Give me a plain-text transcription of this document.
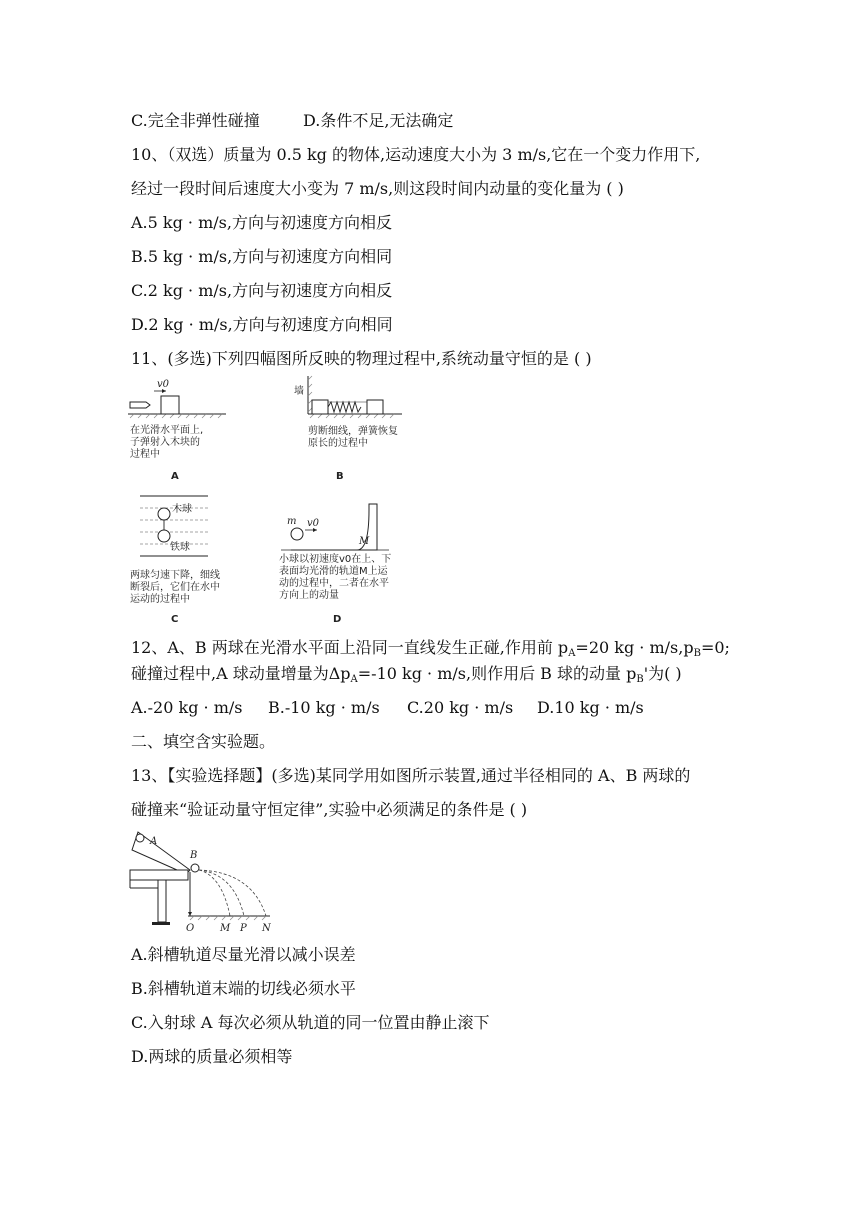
C.完全非弹性碰撞	D.条件不足,无法确定
10、（双选）质量为 0.5 kg 的物体,运动速度大小为 3 m/s,它在一个变力作用下,
经过一段时间后速度大小变为 7 m/s,则这段时间内动量的变化量为 ( )
A.5 kg · m/s,方向与初速度方向相反
B.5 kg · m/s,方向与初速度方向相同
C.2 kg · m/s,方向与初速度方向相反
D.2 kg · m/s,方向与初速度方向相同
11、(多选)下列四幅图所反映的物理过程中,系统动量守恒的是 ( )
v0
在光滑水平面上,
子弹射入木块的
过程中
A
墙
剪断细线，弹簧恢复
原长的过程中
B
木球
铁球
两球匀速下降，细线
断裂后，它们在水中
运动的过程中
C
m v0
M
小球以初速度v0在上、下
表面均光滑的轨道M上运
动的过程中，二者在水平
方向上的动量
D
12、A、B 两球在光滑水平面上沿同一直线发生正碰,作用前 $p_A=20$ kg · $m/s,p_B=0$;
碰撞过程中,A 球动量增量为$\Delta p_A=-10$ kg · m/s,则作用后 B 球的动量 $p_B'$为( )
A.-20 kg · m/s B.-10 kg · m/s C.20 kg · m/s D.10 kg · m/s
二、填空含实验题。
13、【实验选择题】(多选)某同学用如图所示装置,通过半径相同的 A、B 两球的
碰撞来“验证动量守恒定律”,实验中必须满足的条件是 ( )
A
B
O	M P N
A.斜槽轨道尽量光滑以减小误差
B.斜槽轨道末端的切线必须水平
C.入射球 A 每次必须从轨道的同一位置由静止滚下
D.两球的质量必须相等
